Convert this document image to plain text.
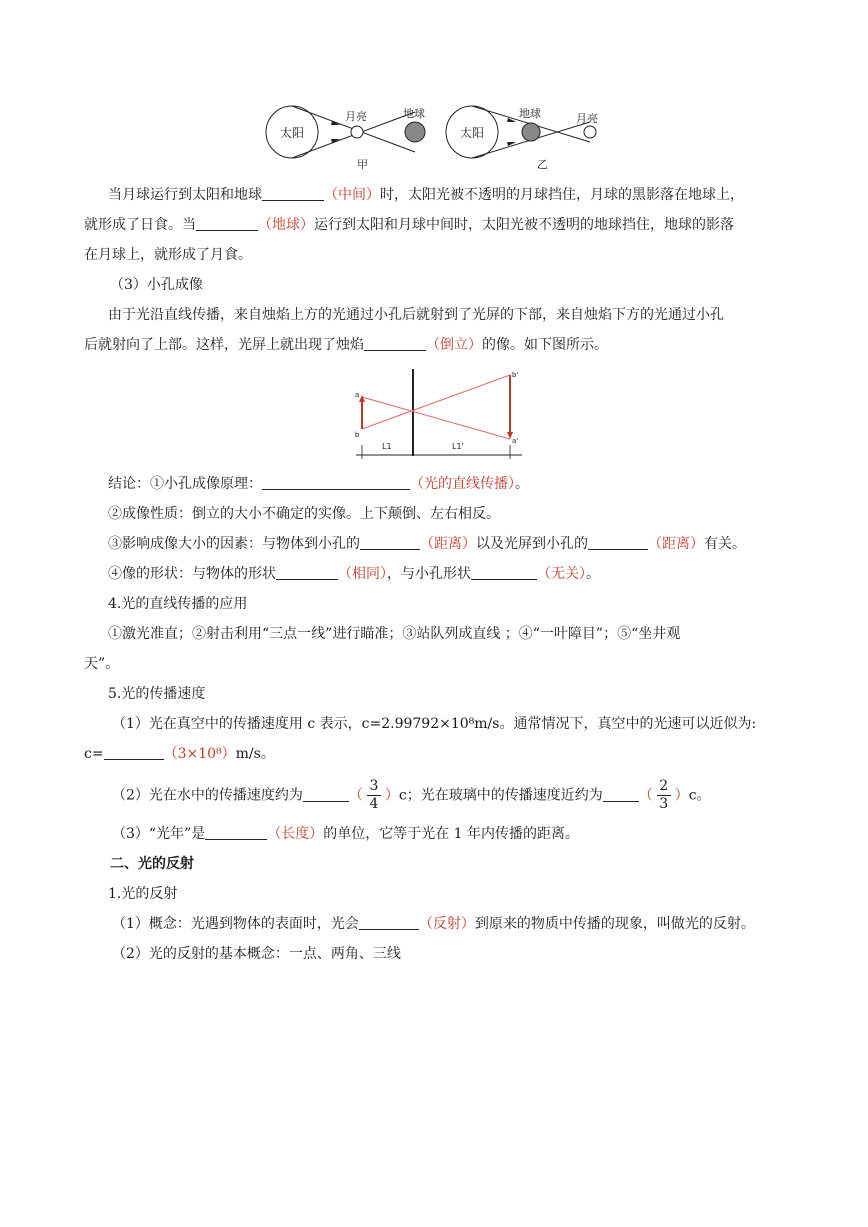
太阳
月亮	地球
甲
太阳
地球	月亮
乙
当月球运行到太阳和地球	（中间）时，太阳光被不透明的月球挡住，月球的黑影落在地球上，
就形成了日食。当	（地球）运行到太阳和月球中间时，太阳光被不透明的地球挡住，地球的影落
在月球上，就形成了月食。
（3）小孔成像
由于光沿直线传播，来自烛焰上方的光通过小孔后就射到了光屏的下部，来自烛焰下方的光通过小孔
后就射向了上部。这样，光屏上就出现了烛焰	（倒立）的像。如下图所示。
a
b
b'
a'
L1	L1'
结论：①小孔成像原理：	（光的直线传播）。
②成像性质：倒立的大小不确定的实像。上下颠倒、左右相反。
③影响成像大小的因素：与物体到小孔的	（距离）以及光屏到小孔的	（距离）有关。
④像的形状：与物体的形状	（相同），与小孔形状	（无关）。
4.光的直线传播的应用
①激光准直；②射击利用“三点一线”进行瞄准；③站队列成直线 ；④“一叶障目”；⑤“坐井观
天”。
5.光的传播速度
（1）光在真空中的传播速度用 c 表示，c=2.99792×10⁸m/s。通常情况下，真空中的光速可以近似为:
c=	（3×10⁸）m/s。
（2）光在水中的传播速度约为	（ $\frac{3}{4} )c$；光在玻璃中的传播速度近约为	（ $\frac{2}{3} )c$。
（3）“光年”是	（长度）的单位，它等于光在 1 年内传播的距离。
二、光的反射
1.光的反射
（1）概念：光遇到物体的表面时，光会	（反射）到原来的物质中传播的现象，叫做光的反射。
（2）光的反射的基本概念：一点、两角、三线
